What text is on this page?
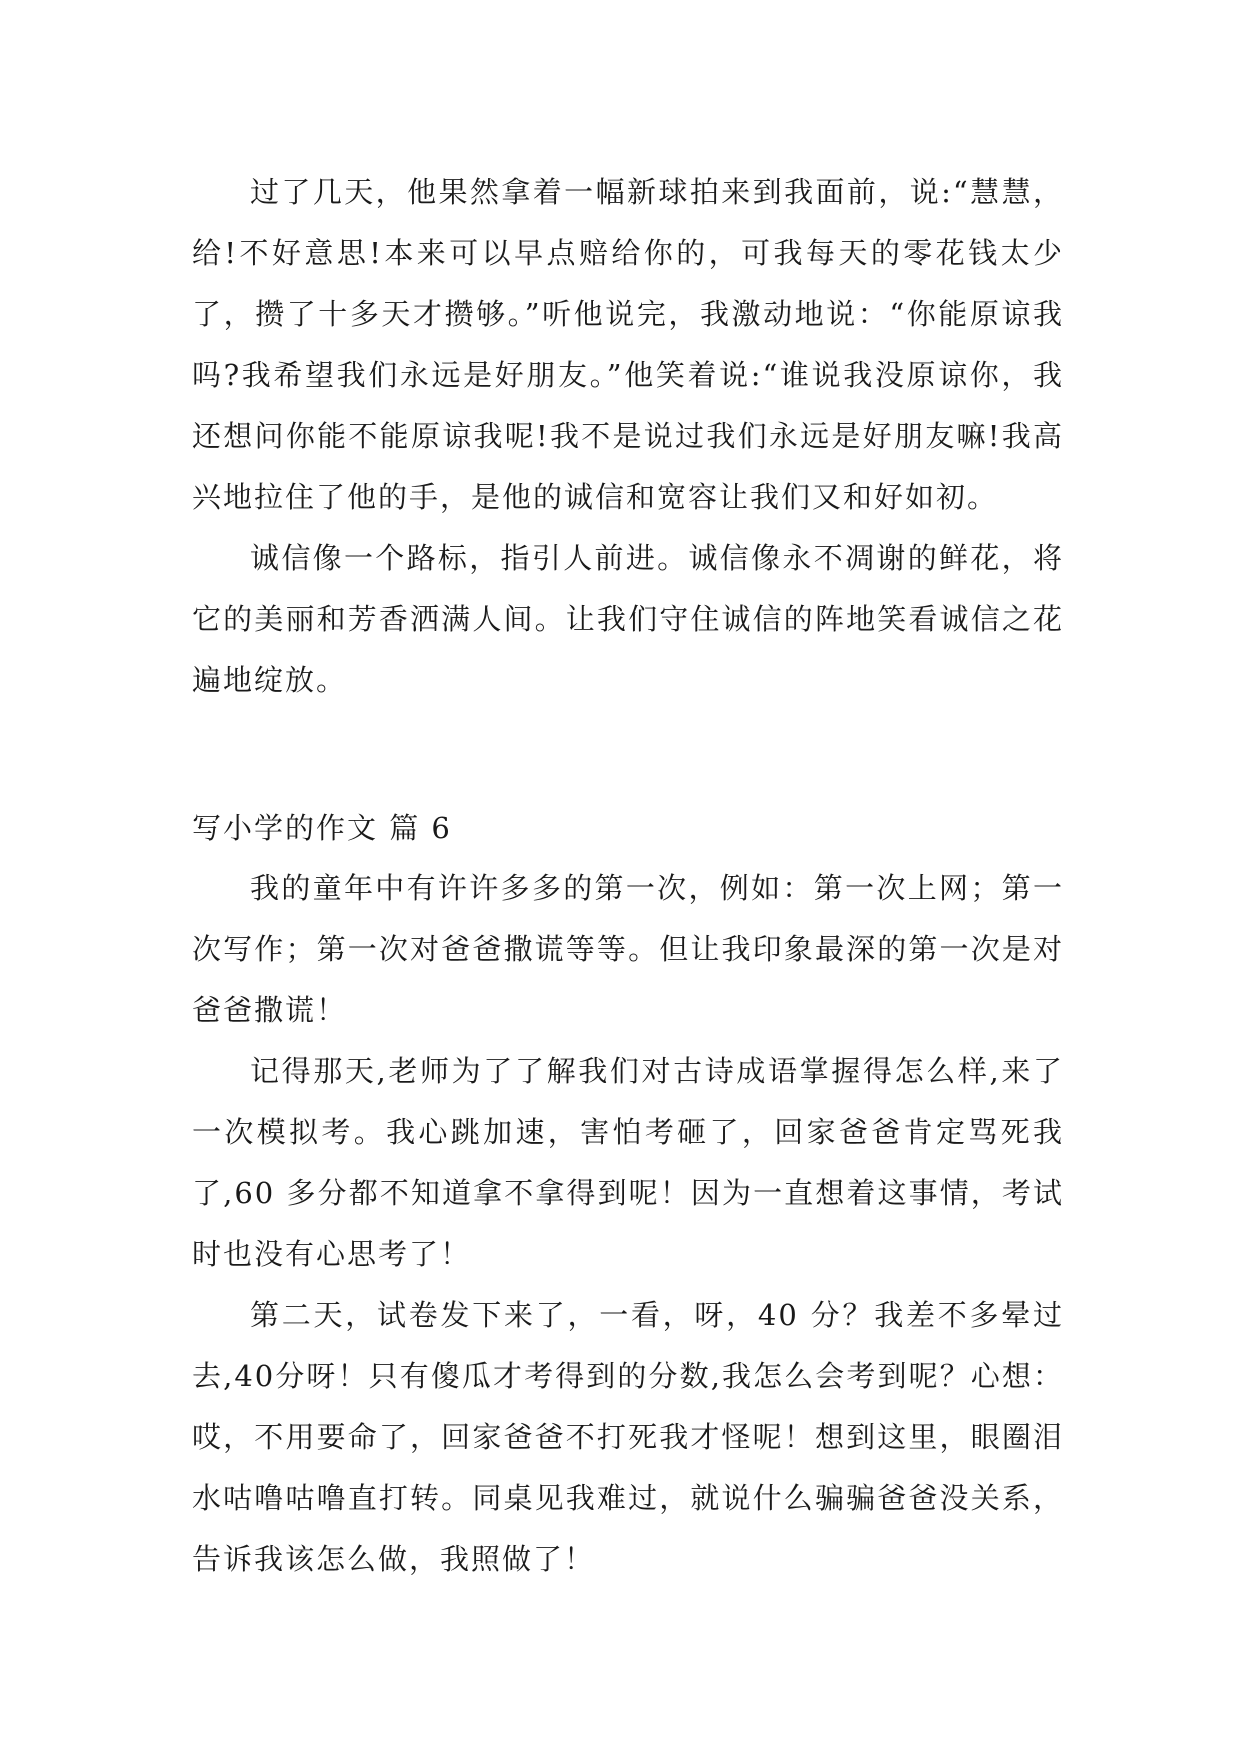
过了几天，他果然拿着一幅新球拍来到我面前，说:“慧慧，给!不好意思!本来可以早点赔给你的，可我每天的零花钱太少了，攒了十多天才攒够。”听他说完，我激动地说：“你能原谅我吗?我希望我们永远是好朋友。”他笑着说:“谁说我没原谅你，我还想问你能不能原谅我呢!我不是说过我们永远是好朋友嘛!我高兴地拉住了他的手，是他的诚信和宽容让我们又和好如初。

诚信像一个路标，指引人前进。诚信像永不凋谢的鲜花，将它的美丽和芳香洒满人间。让我们守住诚信的阵地笑看诚信之花遍地绽放。

写小学的作文 篇 6

我的童年中有许许多多的第一次，例如：第一次上网；第一次写作；第一次对爸爸撒谎等等。但让我印象最深的第一次是对爸爸撒谎！

记得那天,老师为了了解我们对古诗成语掌握得怎么样,来了一次模拟考。我心跳加速，害怕考砸了，回家爸爸肯定骂死我了,60 多分都不知道拿不拿得到呢！因为一直想着这事情，考试时也没有心思考了！

第二天，试卷发下来了，一看，呀，40 分？我差不多晕过去,40分呀！只有傻瓜才考得到的分数,我怎么会考到呢？心想：哎，不用要命了，回家爸爸不打死我才怪呢！想到这里，眼圈泪水咕噜咕噜直打转。同桌见我难过，就说什么骗骗爸爸没关系，告诉我该怎么做，我照做了！
